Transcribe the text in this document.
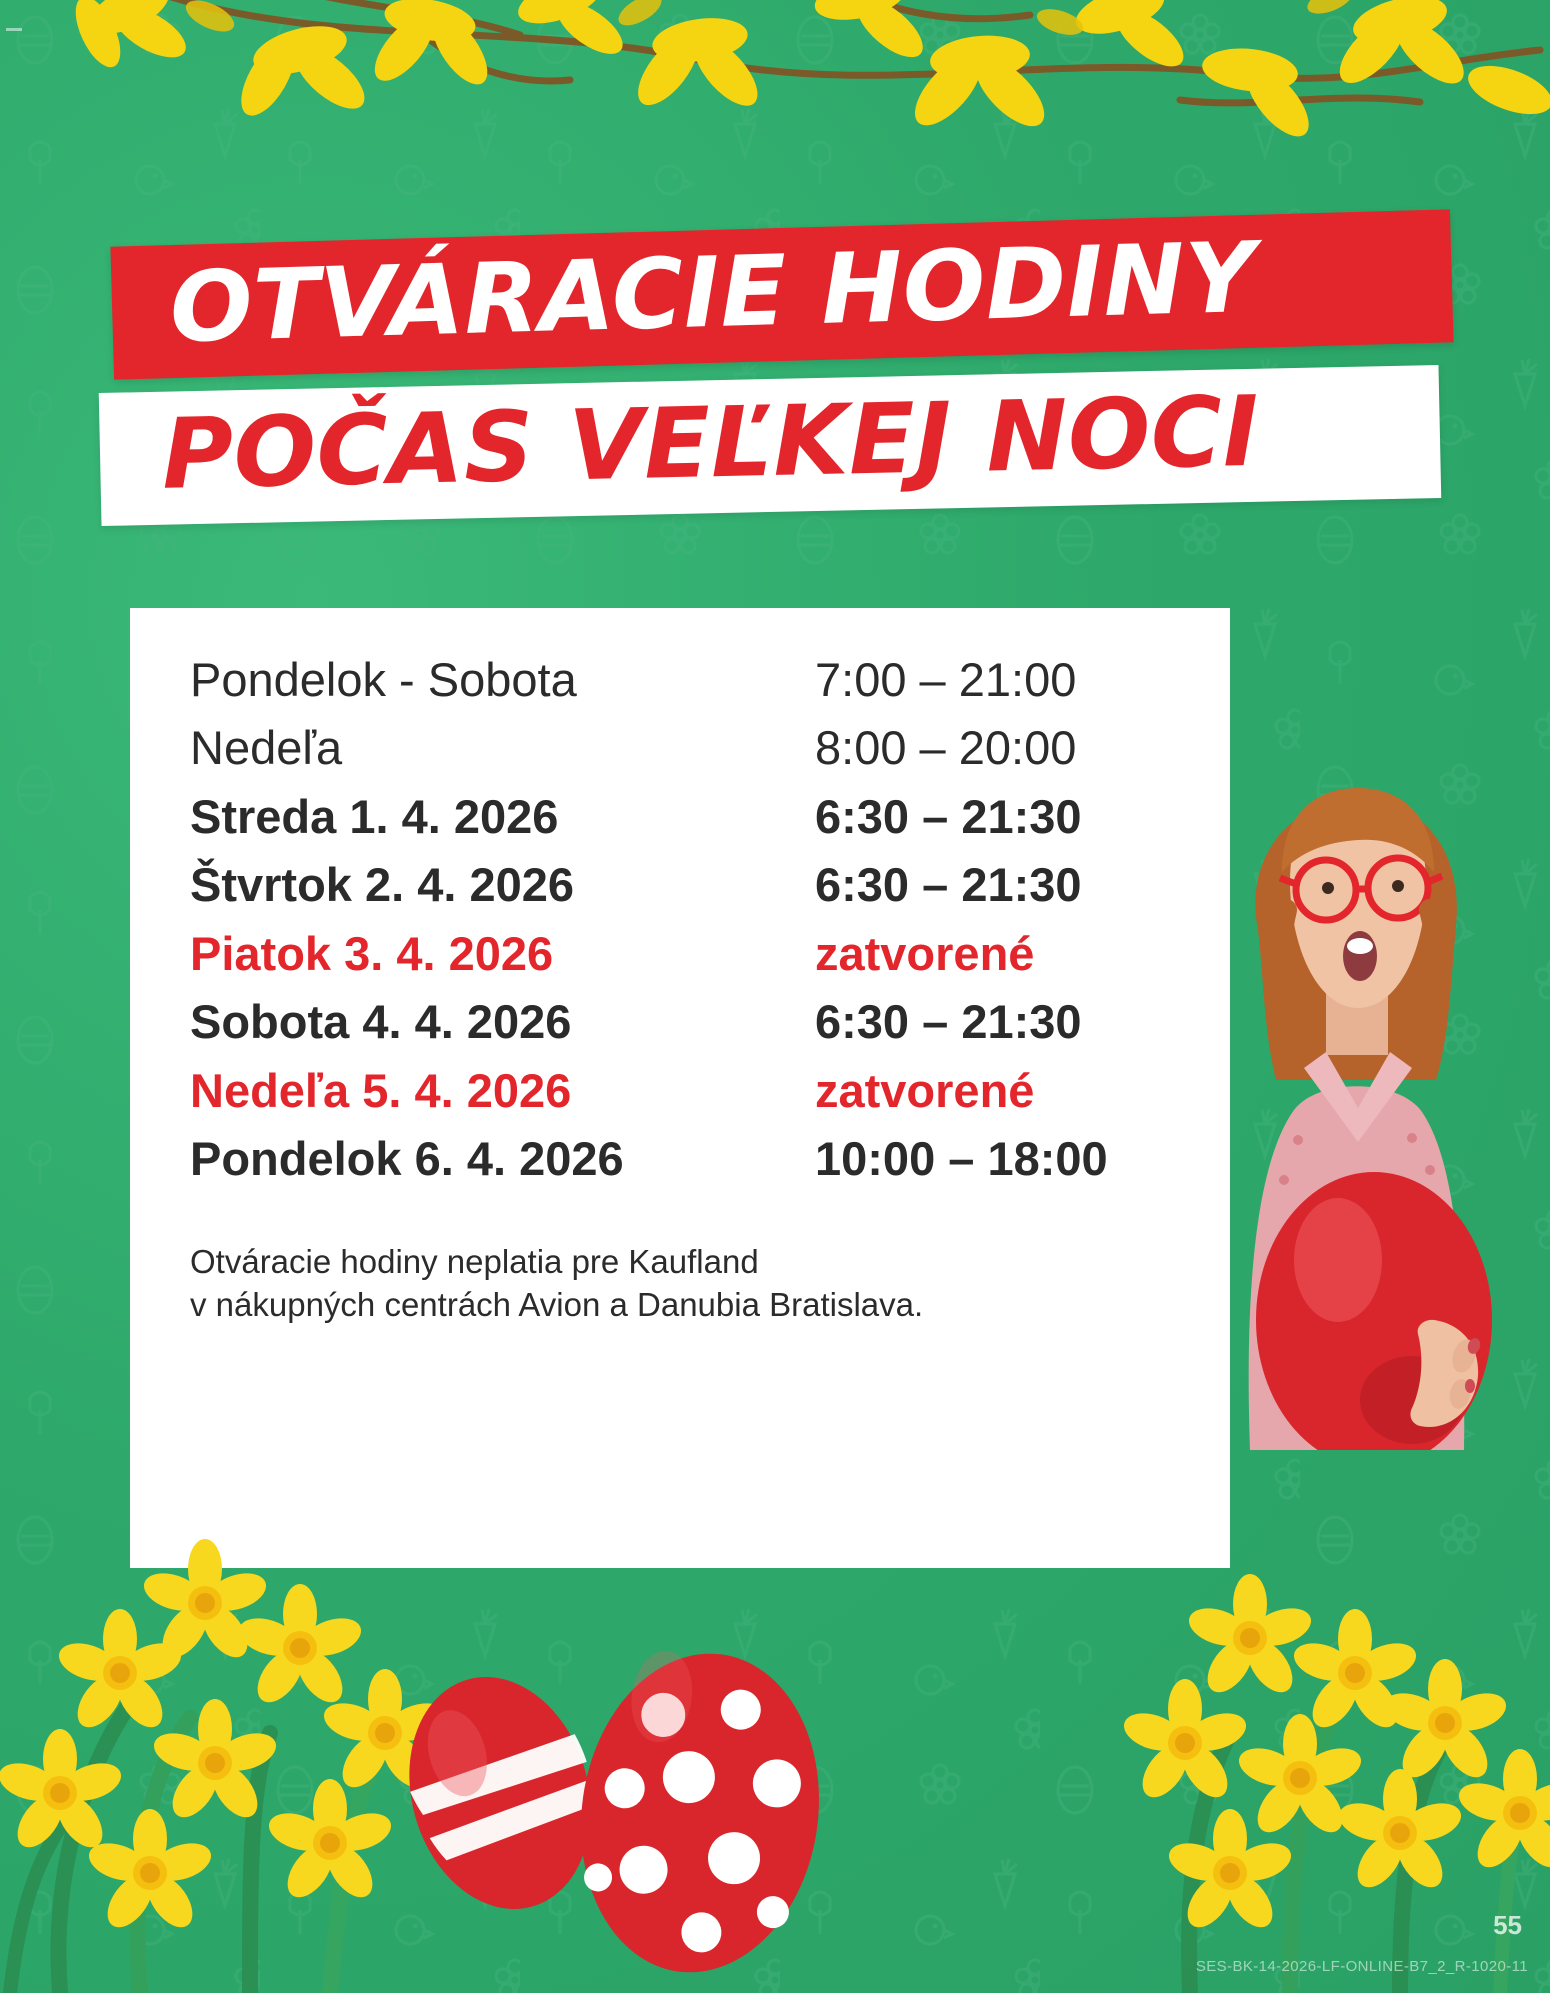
OTVÁRACIE HODINY
POČAS VEĽKEJ NOCI
Pondelok - Sobota	7:00 – 21:00
Nedeľa	8:00 – 20:00
Streda 1. 4. 2026	6:30 – 21:30
Štvrtok 2. 4. 2026	6:30 – 21:30
Piatok 3. 4. 2026	zatvorené
Sobota 4. 4. 2026	6:30 – 21:30
Nedeľa 5. 4. 2026	zatvorené
Pondelok 6. 4. 2026	10:00 – 18:00
Otváracie hodiny neplatia pre Kaufland
v nákupných centrách Avion a Danubia Bratislava.
55
SES-BK-14-2026-LF-ONLINE-B7_2_R-1020-11
